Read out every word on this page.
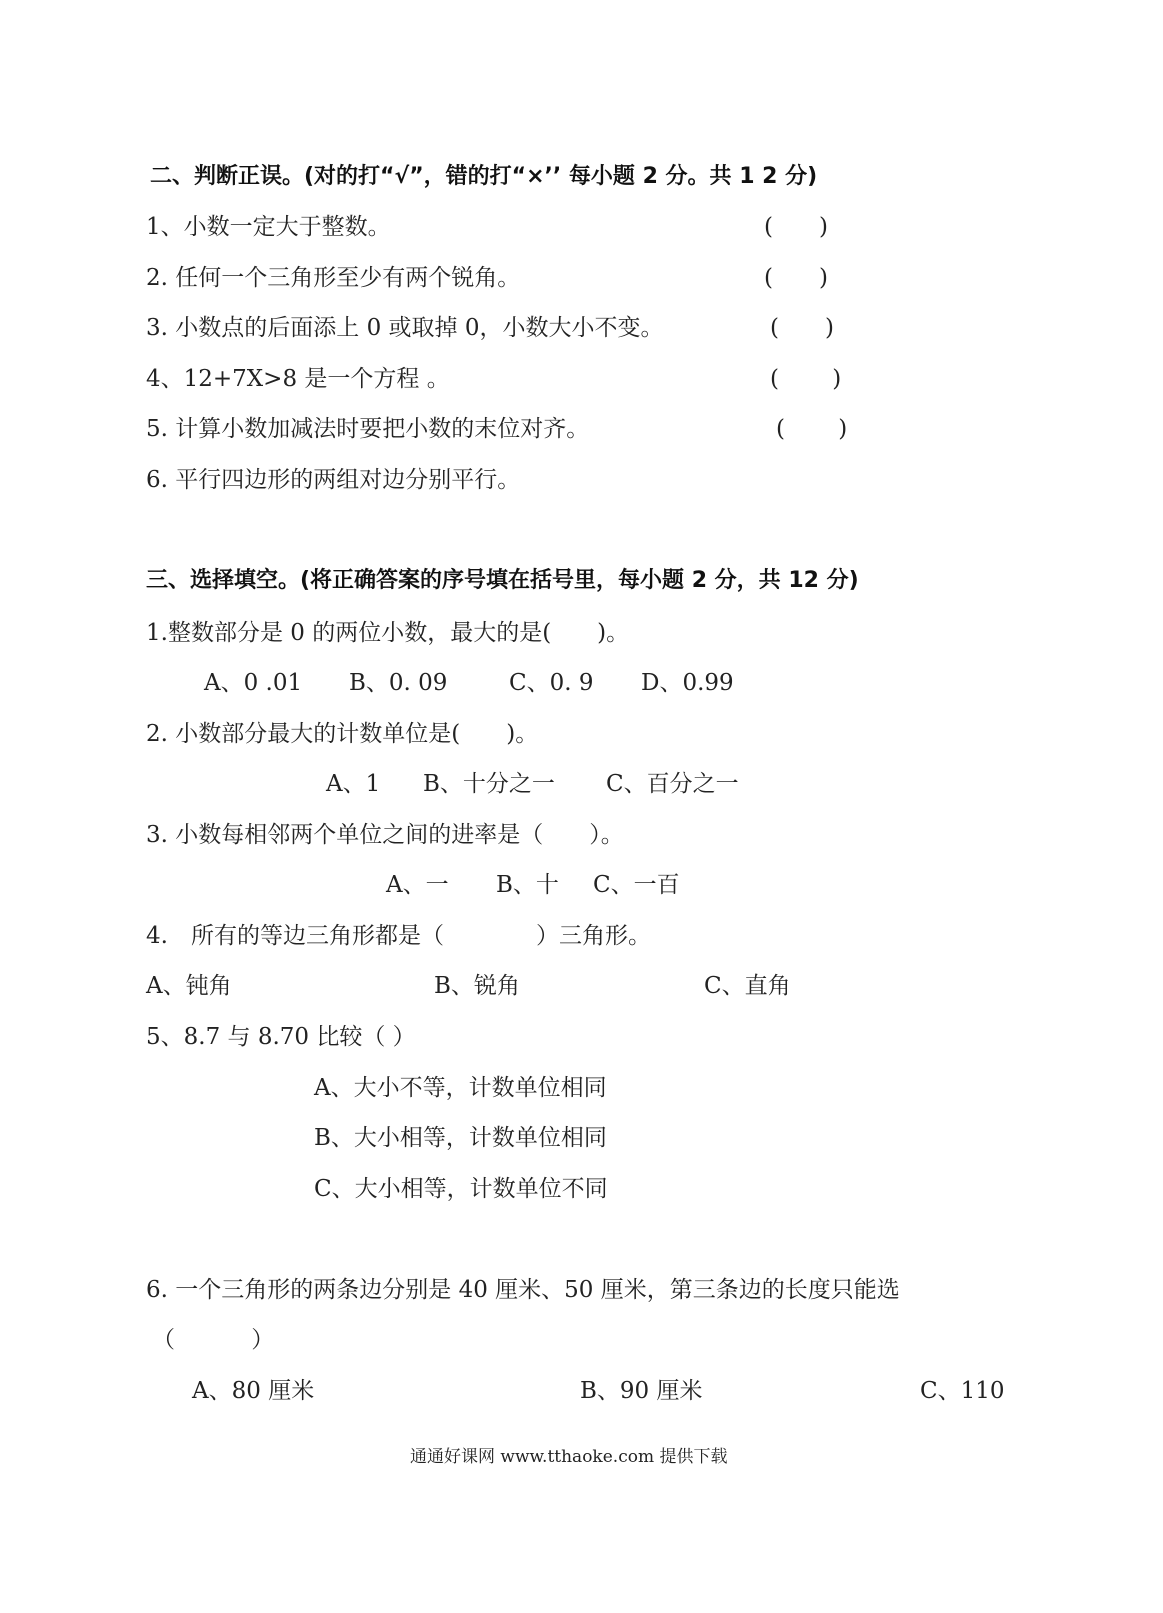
二、判断正误。(对的打“√”，错的打“×’’ 每小题 2 分。共 1 2 分)
1、小数一定大于整数。	(　　)
2. 任何一个三角形至少有两个锐角。	(　　)
3. 小数点的后面添上 0 或取掉 0，小数大小不变。	(　　)
4、12+7X>8 是一个方程 。	(　　 )
5. 计算小数加减法时要把小数的末位对齐。	(　　 )
6. 平行四边形的两组对边分别平行。
三、选择填空。(将正确答案的序号填在括号里，每小题 2 分，共 12 分)
1.整数部分是 0 的两位小数，最大的是(　　)。
A、0 .01 B、0. 09	C、0. 9 D、0.99
2. 小数部分最大的计数单位是(　　)。
A、1 B、十分之一 C、百分之一
3. 小数每相邻两个单位之间的进率是（　　）。
A、一 B、十 C、一百
4.　所有的等边三角形都是（　　　　）三角形。
A、钝角	B、锐角	C、直角
5、8.7 与 8.70 比较（ ）
A、大小不等，计数单位相同
B、大小相等，计数单位相同
C、大小相等，计数单位不同
6. 一个三角形的两条边分别是 40 厘米、50 厘米，第三条边的长度只能选
（　　　 ）
A、80 厘米	B、90 厘米	C、110
通通好课网 www.tthaoke.com 提供下载
